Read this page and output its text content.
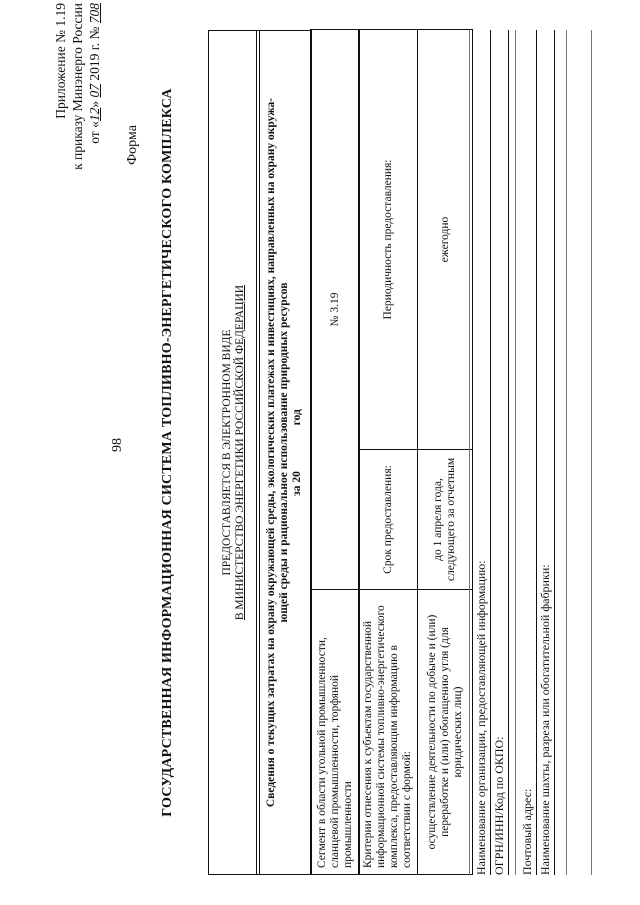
98
Приложение № 1.19 к приказу Минэнерго России от «12» 07 2019 г. № 708
Форма ГОСУДАРСТВЕННАЯ ИНФОРМАЦИОННАЯ СИСТЕМА ТОПЛИВНО-ЭНЕРГЕТИЧЕСКОГО КОМПЛЕКСА	ПРЕДОСТАВЛЯЕТСЯ В ЭЛЕКТРОННОМ ВИДЕ В МИНИСТЕРСТВО ЭНЕРГЕТИКИ РОССИЙСКОЙ ФЕДЕРАЦИИ Сведения о текущих затратах на охрану окружающей среды, экологических платежах и инвестициях, направленных на охрану окружа- ющей среды и рациональное использование природных ресурсов за 20  год
Сегмент в области угольной промышленности, сланцевой промышленности, торфяной промышленности	№ 3.19
Критерии отнесения к субъектам государственной информационной системы топливно-энергетического комплекса, предоставляющим информацию в соответствии с формой:	Срок предоставления:	Периодичность предоставления:
осуществление деятельности по добыче и (или) переработке и (или) обогащению угля (для юридических лиц)	до 1 апреля года, следующего за отчетным	ежегодно
Наименование организации, предоставляющей информацию: ОГРН/ИНН/Код по ОКПО: Почтовый адрес: Наименование шахты, разреза или обогатительной фабрики:
